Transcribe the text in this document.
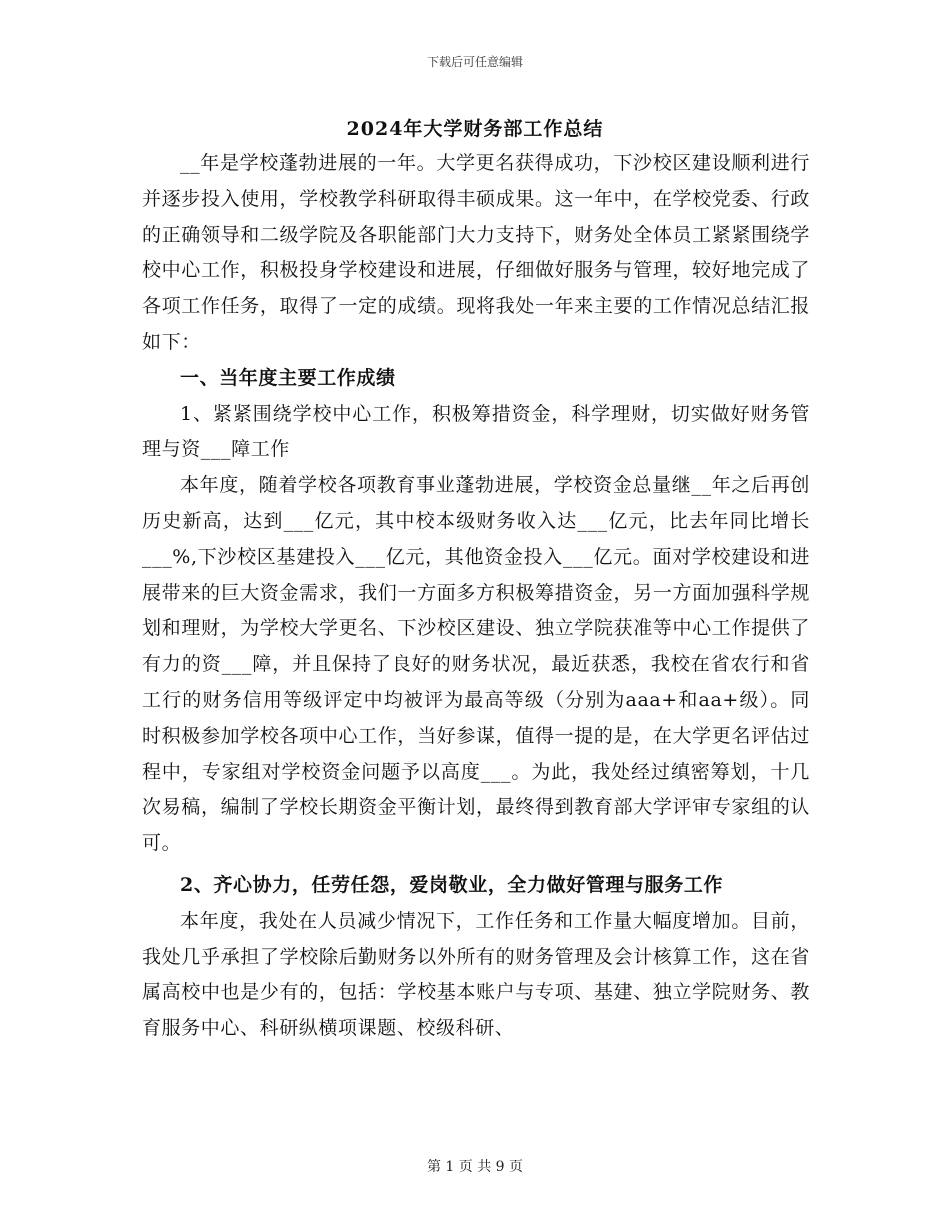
下载后可任意编辑
2024年大学财务部工作总结

__年是学校蓬勃进展的一年。大学更名获得成功，下沙校区建设顺利进行并逐步投入使用，学校教学科研取得丰硕成果。这一年中，在学校党委、行政的正确领导和二级学院及各职能部门大力支持下，财务处全体员工紧紧围绕学校中心工作，积极投身学校建设和进展，仔细做好服务与管理，较好地完成了各项工作任务，取得了一定的成绩。现将我处一年来主要的工作情况总结汇报如下：

一、当年度主要工作成绩

1、紧紧围绕学校中心工作，积极筹措资金，科学理财，切实做好财务管理与资___障工作

本年度，随着学校各项教育事业蓬勃进展，学校资金总量继__年之后再创历史新高，达到___亿元，其中校本级财务收入达___亿元，比去年同比增长___%,下沙校区基建投入___亿元，其他资金投入___亿元。面对学校建设和进展带来的巨大资金需求，我们一方面多方积极筹措资金，另一方面加强科学规划和理财，为学校大学更名、下沙校区建设、独立学院获准等中心工作提供了有力的资___障，并且保持了良好的财务状况，最近获悉，我校在省农行和省工行的财务信用等级评定中均被评为最高等级（分别为aaa+和aa+级）。同时积极参加学校各项中心工作，当好参谋，值得一提的是，在大学更名评估过程中，专家组对学校资金问题予以高度___。为此，我处经过缜密筹划，十几次易稿，编制了学校长期资金平衡计划，最终得到教育部大学评审专家组的认可。

2、齐心协力，任劳任怨，爱岗敬业，全力做好管理与服务工作

本年度，我处在人员减少情况下，工作任务和工作量大幅度增加。目前，我处几乎承担了学校除后勤财务以外所有的财务管理及会计核算工作，这在省属高校中也是少有的，包括：学校基本账户与专项、基建、独立学院财务、教育服务中心、科研纵横项课题、校级科研、

第 1 页 共 9 页
